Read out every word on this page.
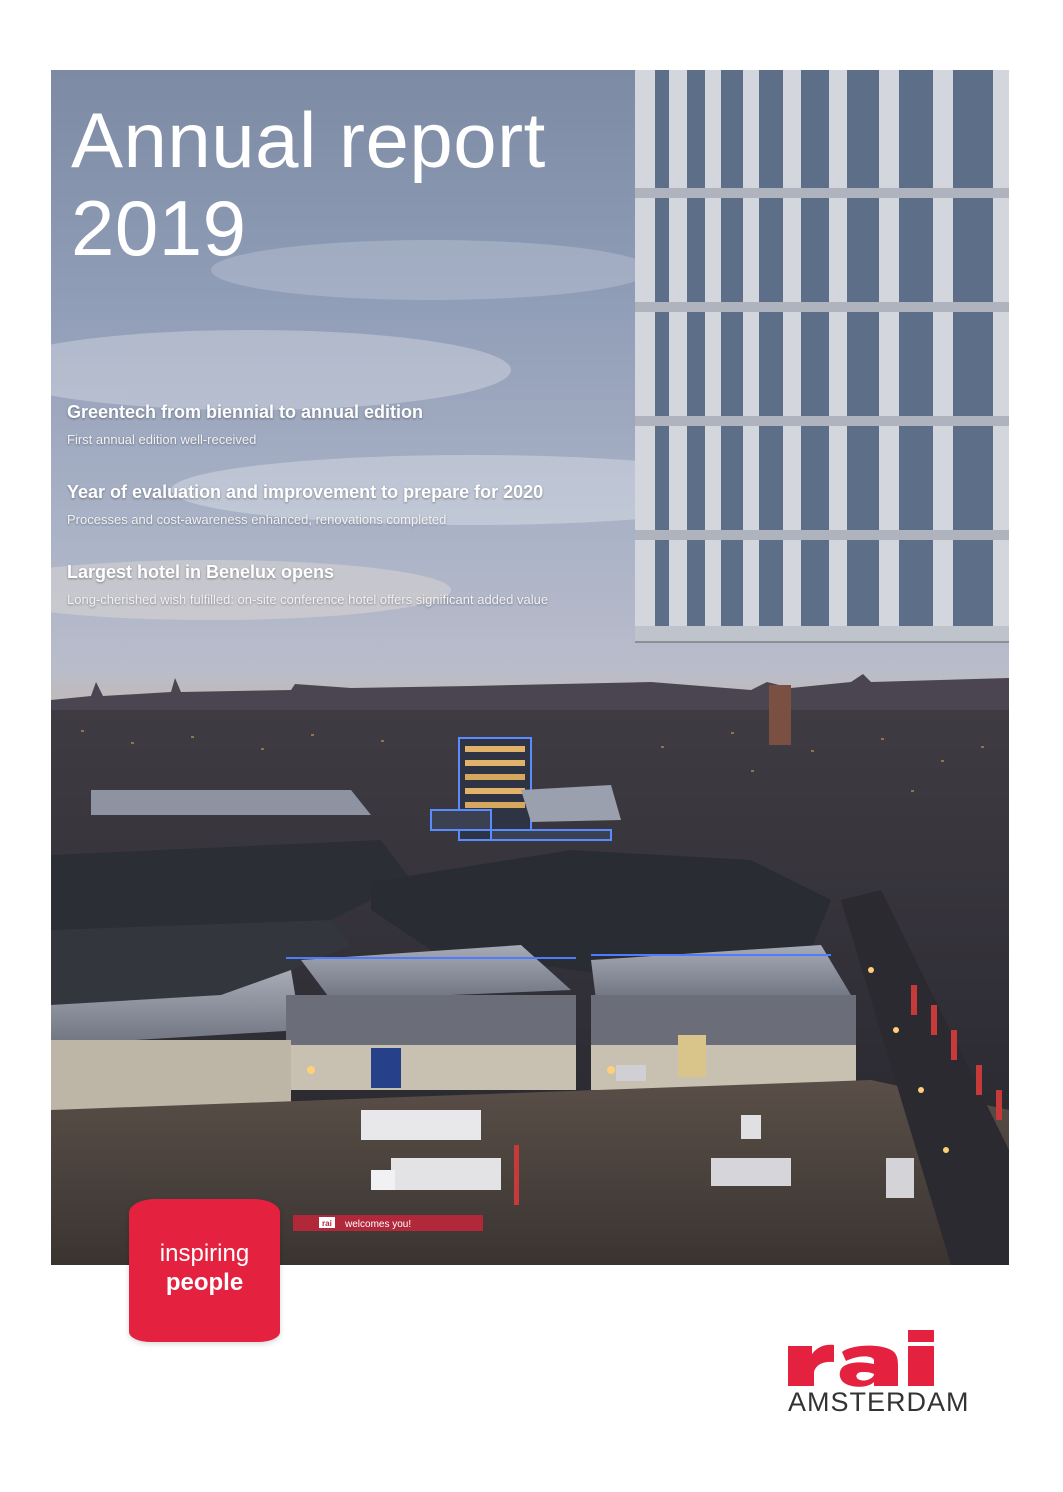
rai welcomes you!
Annual report
2019
Greentech from biennial to annual edition
First annual edition well-received
Year of evaluation and improvement to prepare for 2020
Processes and cost-awareness enhanced, renovations completed
Largest hotel in Benelux opens
Long-cherished wish fulfilled: on-site conference hotel offers significant added value
inspiring
people
AMSTERDAM
